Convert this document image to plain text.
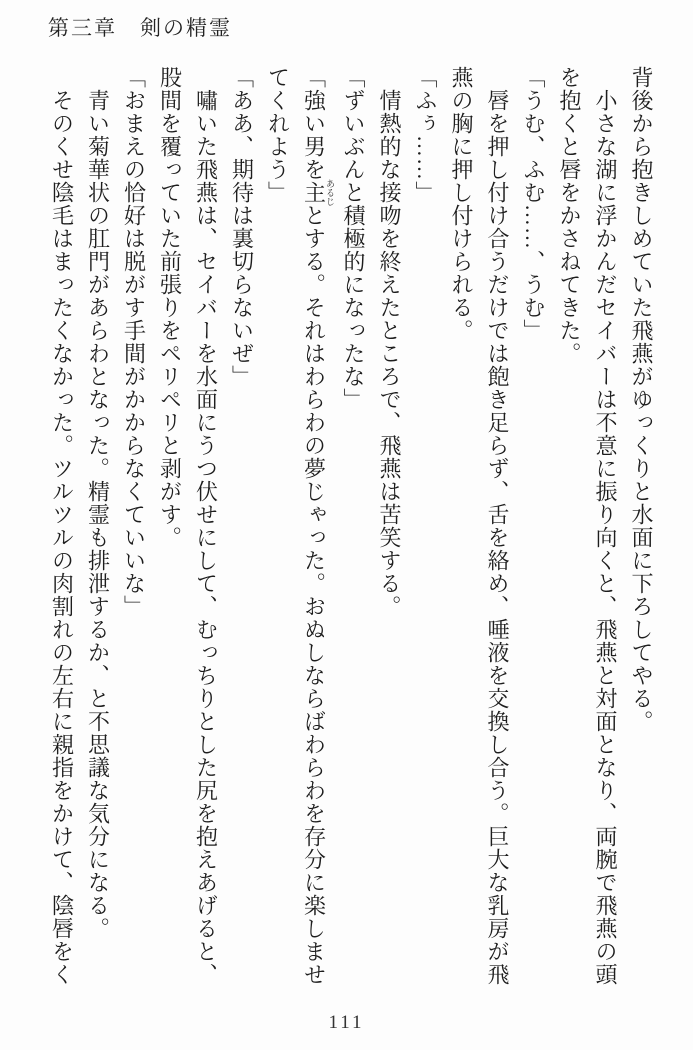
第三章　剣の精霊

背後から抱きしめていた飛燕がゆっくりと水面に下ろしてやる。

小さな湖に浮かんだセイバーは不意に振り向くと、飛燕と対面となり、両腕で飛燕の頭を抱くと唇をかさねてきた。

「うむ、ふむ……、うむ」

唇を押し付け合うだけでは飽き足らず、舌を絡め、唾液を交換し合う。巨大な乳房が飛燕の胸に押し付けられる。

「ふぅ……」

情熱的な接吻を終えたところで、飛燕は苦笑する。

「ずいぶんと積極的になったな」

「強い男を主あるじとする。それはわらわの夢じゃった。おぬしならばわらわを存分に楽しませてくれよう」

「ああ、期待は裏切らないぜ」

嘯いた飛燕は、セイバーを水面にうつ伏せにして、むっちりとした尻を抱えあげると、股間を覆っていた前張りをペリペリと剥がす。

「おまえの恰好は脱がす手間がかからなくていいな」

青い菊華状の肛門があらわとなった。精霊も排泄するか、と不思議な気分になる。

そのくせ陰毛はまったくなかった。ツルツルの肉割れの左右に親指をかけて、陰唇をく

111
